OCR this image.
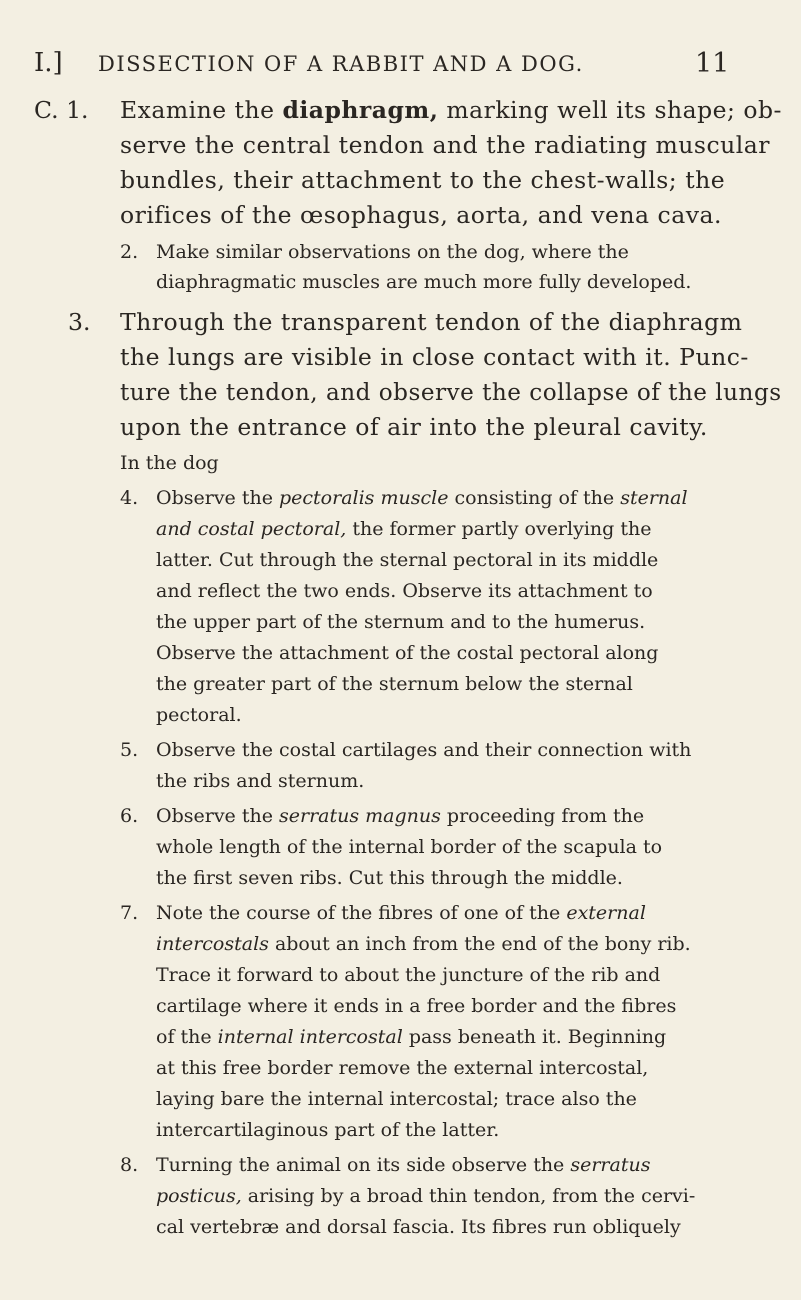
I.] DISSECTION OF A RABBIT AND A DOG.	11
C. 1. Examine the diaphragm, marking well its shape; ob-
serve the central tendon and the radiating muscular
bundles, their attachment to the chest-walls; the
orifices of the œsophagus, aorta, and vena cava.
2. Make similar observations on the dog, where the
diaphragmatic muscles are much more fully developed.
3. Through the transparent tendon of the diaphragm
the lungs are visible in close contact with it. Punc-
ture the tendon, and observe the collapse of the lungs
upon the entrance of air into the pleural cavity.
In the dog
4. Observe the pectoralis muscle consisting of the sternal
and costal pectoral, the former partly overlying the
latter. Cut through the sternal pectoral in its middle
and reflect the two ends. Observe its attachment to
the upper part of the sternum and to the humerus.
Observe the attachment of the costal pectoral along
the greater part of the sternum below the sternal
pectoral.
5. Observe the costal cartilages and their connection with
the ribs and sternum.
6. Observe the serratus magnus proceeding from the
whole length of the internal border of the scapula to
the first seven ribs. Cut this through the middle.
7. Note the course of the fibres of one of the external
intercostals about an inch from the end of the bony rib.
Trace it forward to about the juncture of the rib and
cartilage where it ends in a free border and the fibres
of the internal intercostal pass beneath it. Beginning
at this free border remove the external intercostal,
laying bare the internal intercostal; trace also the
intercartilaginous part of the latter.
8. Turning the animal on its side observe the serratus
posticus, arising by a broad thin tendon, from the cervi-
cal vertebræ and dorsal fascia. Its fibres run obliquely
